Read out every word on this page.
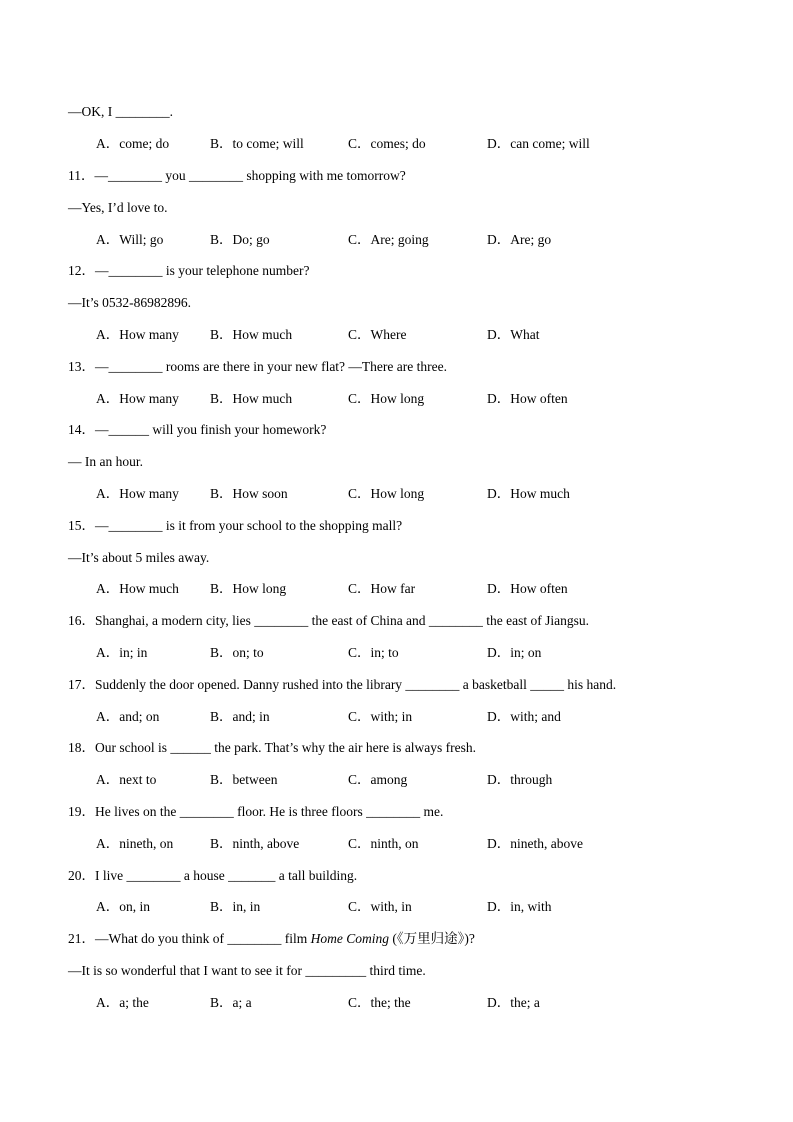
—OK, I ________.
A．come; do	B．to come; will	C．comes; do	D．can come; will
11．—________ you ________ shopping with me tomorrow?
—Yes, I’d love to.
A．Will; go	B．Do; go	C．Are; going	D．Are; go
12．—________ is your telephone number?
—It’s 0532-86982896.
A．How many B．How much	C．Where	D．What
13．—________ rooms are there in your new flat? —There are three.
A．How many B．How much	C．How long	D．How often
14．—______ will you finish your homework?
— In an hour.
A．How many B．How soon	C．How long	D．How much
15．—________ is it from your school to the shopping mall?
—It’s about 5 miles away.
A．How much B．How long	C．How far	D．How often
16．Shanghai, a modern city, lies ________ the east of China and ________ the east of Jiangsu.
A．in; in	B．on; to	C．in; to	D．in; on
17．Suddenly the door opened. Danny rushed into the library ________ a basketball _____ his hand.
A．and; on	B．and; in	C．with; in	D．with; and
18．Our school is ______ the park. That’s why the air here is always fresh.
A．next to	B．between	C．among	D．through
19．He lives on the ________ floor. He is three floors ________ me.
A．nineth, on	B．ninth, above	C．ninth, on	D．nineth, above
20．I live ________ a house _______ a tall building.
A．on, in	B．in, in	C．with, in	D．in, with
21．—What do you think of ________ film Home Coming (《万里归途》)?
—It is so wonderful that I want to see it for _________ third time.
A．a; the	B．a; a	C．the; the	D．the; a
